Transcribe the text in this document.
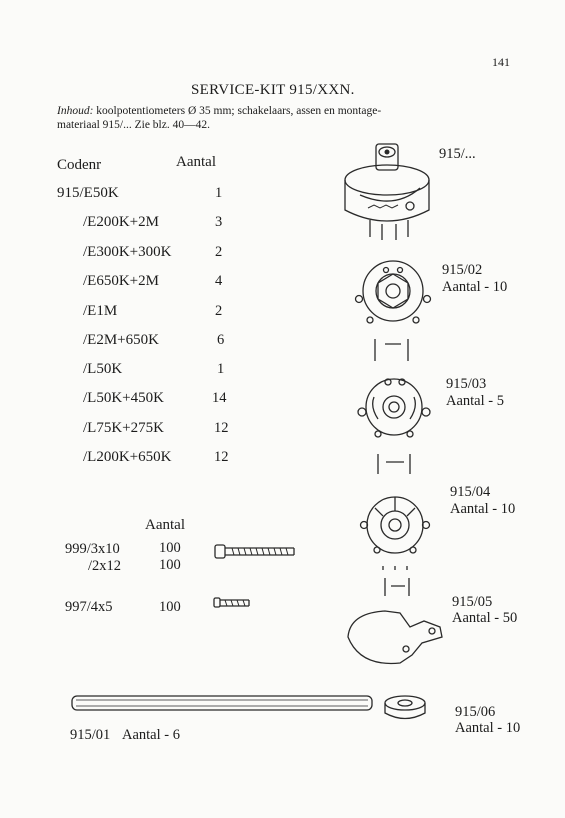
141
SERVICE-KIT 915/XXN.
Inhoud: koolpotentiometers Ø 35 mm; schakelaars, assen en montage-
materiaal 915/... Zie blz. 40—42.
Codenr	Aantal
915/E50K	1
/E200K+2M	3
/E300K+300K	2
/E650K+2M	4
/E1M	2
/E2M+650K	6
/L50K	1
/L50K+450K	14
/L75K+275K	12
/L200K+650K	12
Aantal
999/3x10	100
/2x12	100
997/4x5	100
915/...
915/02
Aantal - 10
915/03
Aantal - 5
915/04
Aantal - 10
915/05
Aantal - 50
915/06
Aantal - 10
915/01 Aantal - 6
